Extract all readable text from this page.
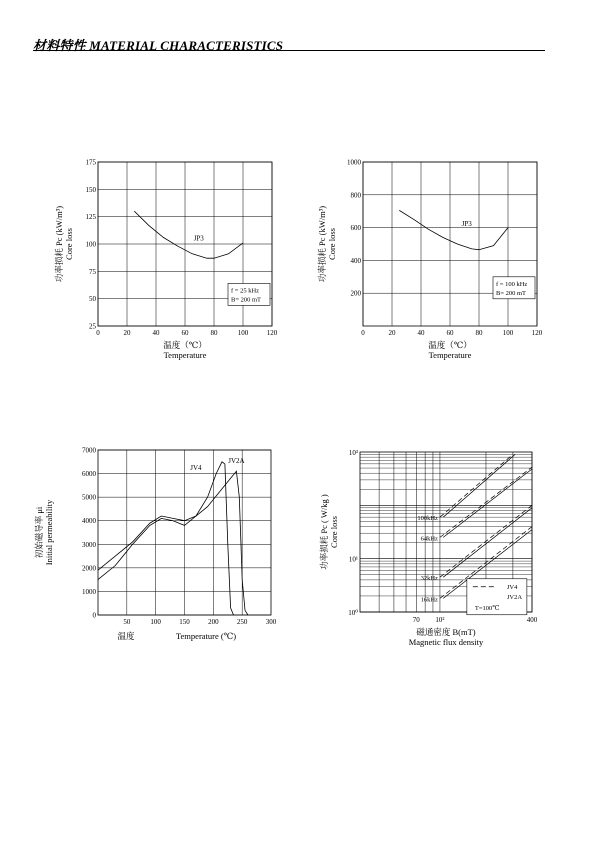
材料特性 MATERIAL CHARACTERISTICS
0	20	40	60	80	100	120
25
50
75
100
125
150
175
温度（℃）
Temperature
功率损耗 Pc (kW/m³) Core loss	JP3
f = 25 kHz
B= 200 mT
0	20	40	60	80	100	120
200
400
600
800
1000
温度（℃）
Temperature
功率损耗 Pc (kW/m³) Core loss
JP3
f = 100 kHz
B= 200 mT
50	100	150	200	250	300
0
1000
2000
3000
4000
5000
6000
7000
JV4
JV2A
温度	Temperature (℃)
初始磁导率 μi Initial permeability
70 10²	400
10³
10¹
10⁰
100kHz
64kHz
32kHz
16kHz
JV4
JV2A
T=100℃
磁通密度 B(mT)
Magnetic flux density
功率损耗 Pc ( W/kg ) Core loss
